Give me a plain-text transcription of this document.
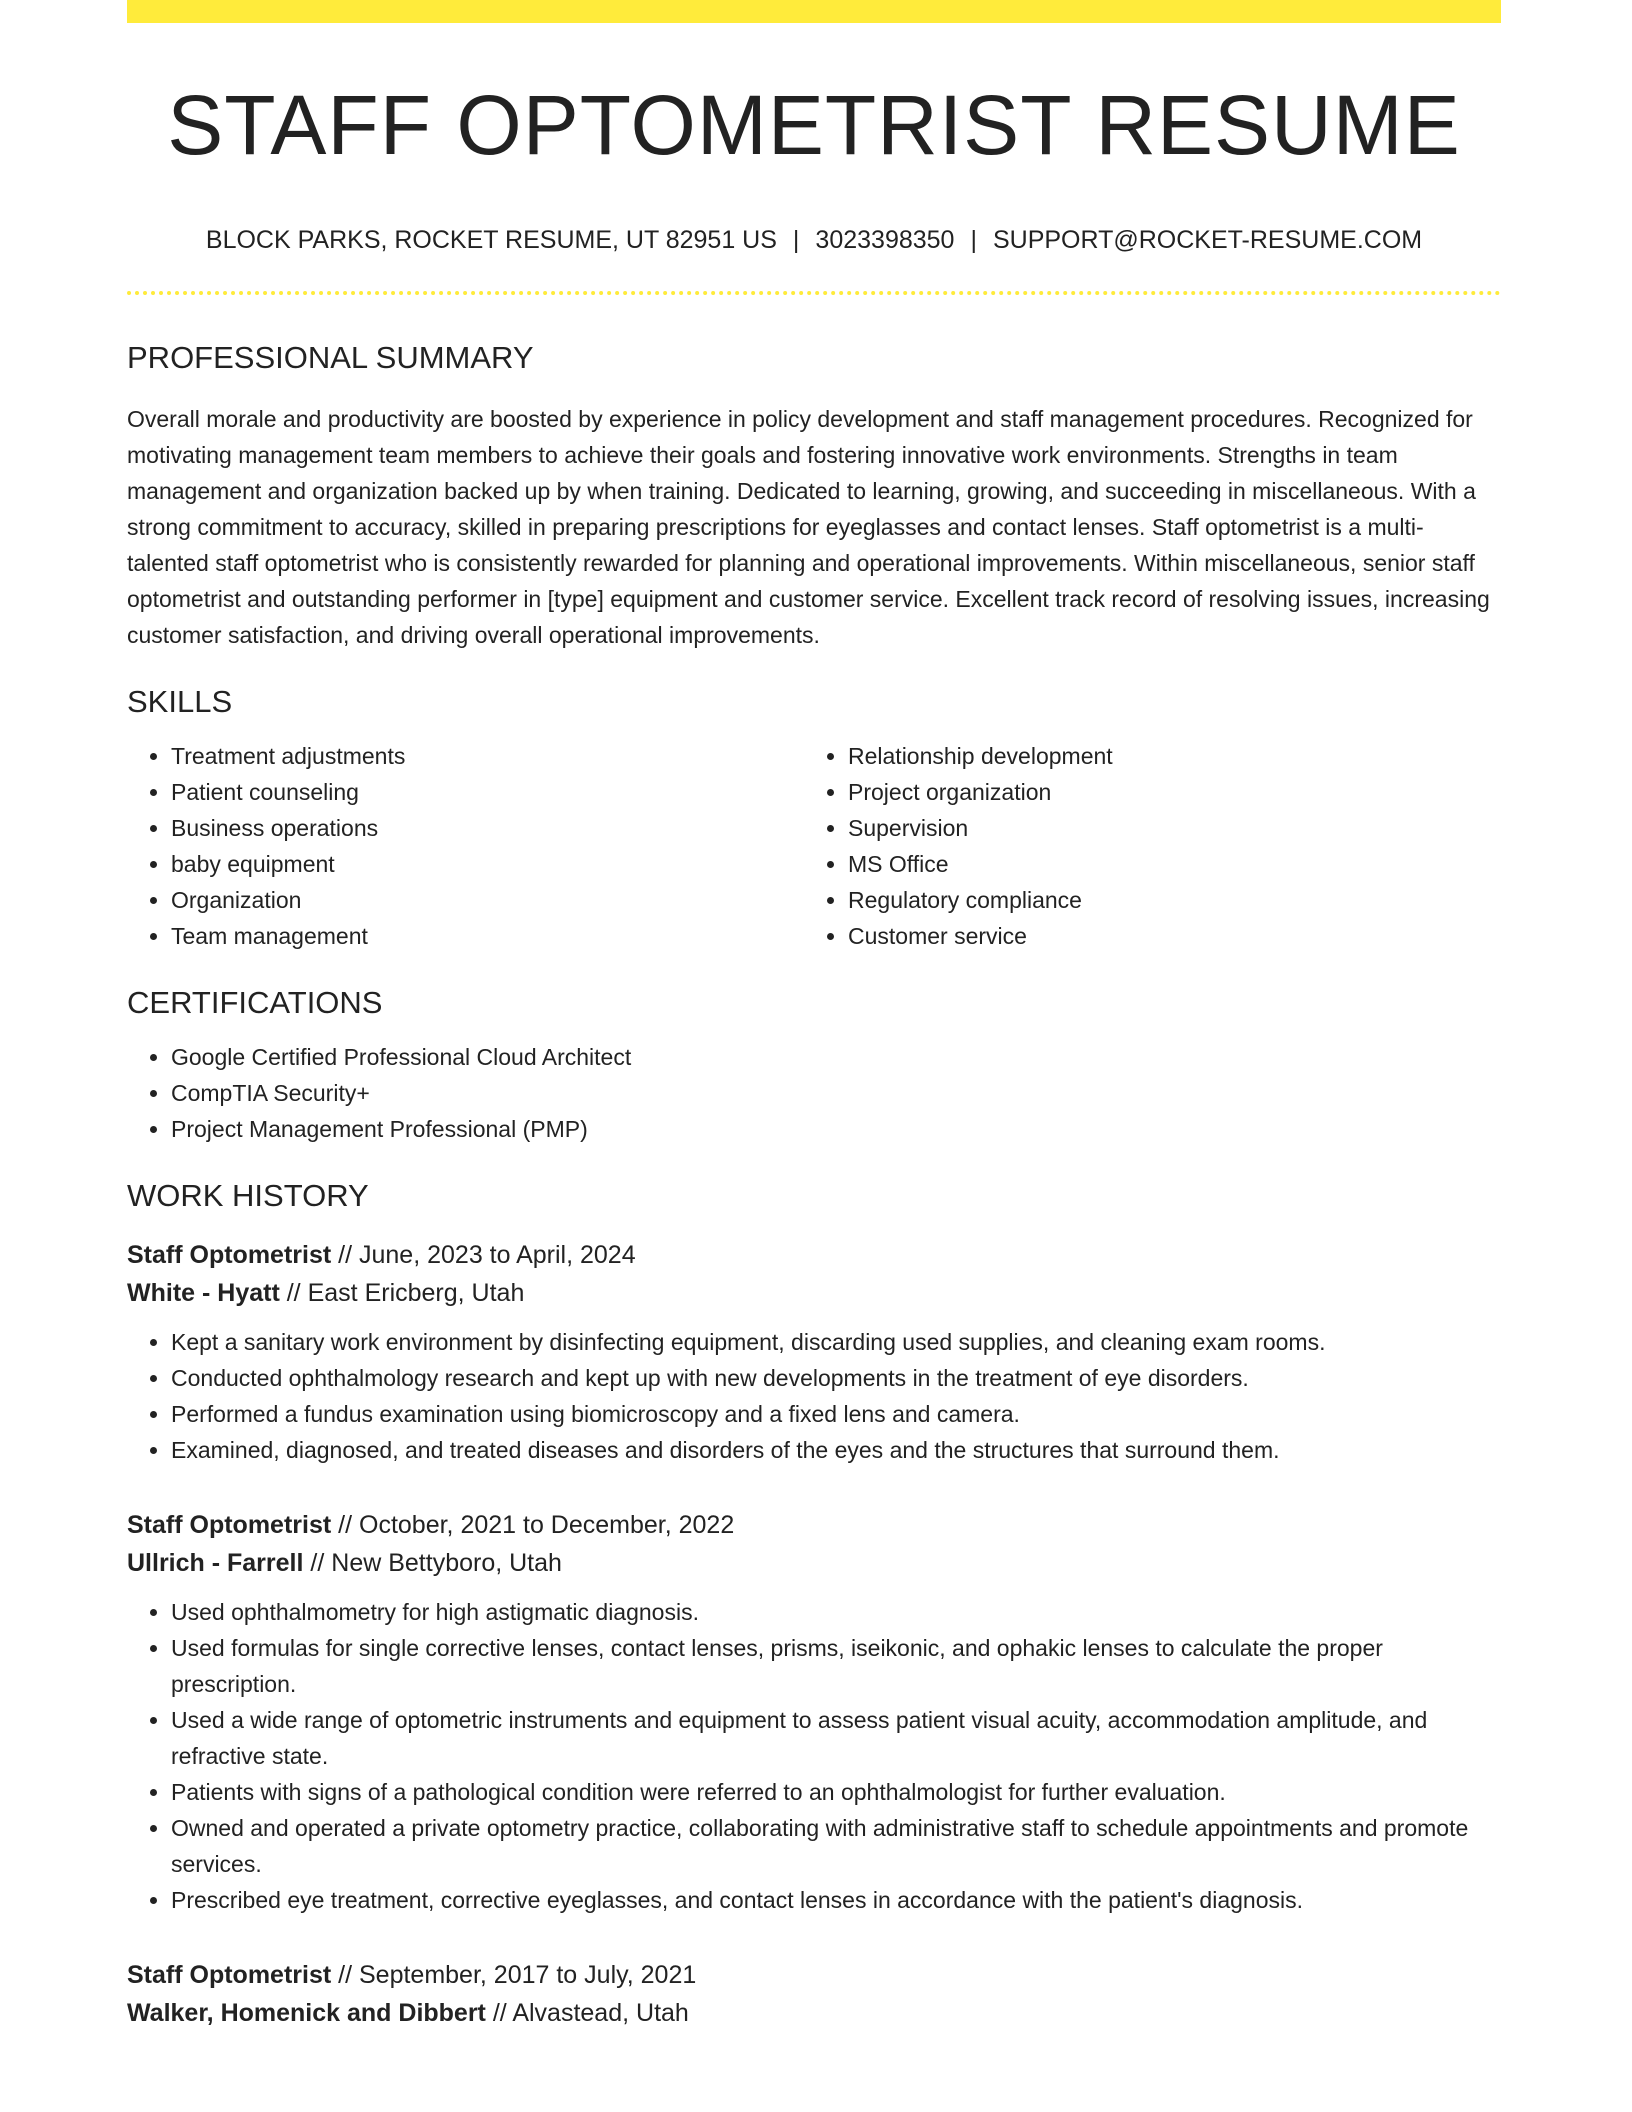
STAFF OPTOMETRIST RESUME
BLOCK PARKS, ROCKET RESUME, UT 82951 US | 3023398350 | SUPPORT@ROCKET-RESUME.COM
PROFESSIONAL SUMMARY

Overall morale and productivity are boosted by experience in policy development and staff management procedures. Recognized for motivating management team members to achieve their goals and fostering innovative work environments. Strengths in team management and organization backed up by when training. Dedicated to learning, growing, and succeeding in miscellaneous. With a strong commitment to accuracy, skilled in preparing prescriptions for eyeglasses and contact lenses. Staff optometrist is a multi-talented staff optometrist who is consistently rewarded for planning and operational improvements. Within miscellaneous, senior staff optometrist and outstanding performer in [type] equipment and customer service. Excellent track record of resolving issues, increasing customer satisfaction, and driving overall operational improvements.

SKILLS
• Treatment adjustments
• Patient counseling
• Business operations
• baby equipment
• Organization
• Team management
• Relationship development
• Project organization
• Supervision
• MS Office
• Regulatory compliance
• Customer service
CERTIFICATIONS
• Google Certified Professional Cloud Architect
• CompTIA Security+
• Project Management Professional (PMP)
WORK HISTORY
Staff Optometrist // June, 2023 to April, 2024
White - Hyatt // East Ericberg, Utah
• Kept a sanitary work environment by disinfecting equipment, discarding used supplies, and cleaning exam rooms.
• Conducted ophthalmology research and kept up with new developments in the treatment of eye disorders.
• Performed a fundus examination using biomicroscopy and a fixed lens and camera.
• Examined, diagnosed, and treated diseases and disorders of the eyes and the structures that surround them.
Staff Optometrist // October, 2021 to December, 2022
Ullrich - Farrell // New Bettyboro, Utah
• Used ophthalmometry for high astigmatic diagnosis.
• Used formulas for single corrective lenses, contact lenses, prisms, iseikonic, and ophakic lenses to calculate the proper prescription.
• Used a wide range of optometric instruments and equipment to assess patient visual acuity, accommodation amplitude, and refractive state.
• Patients with signs of a pathological condition were referred to an ophthalmologist for further evaluation.
• Owned and operated a private optometry practice, collaborating with administrative staff to schedule appointments and promote services.
• Prescribed eye treatment, corrective eyeglasses, and contact lenses in accordance with the patient's diagnosis.
Staff Optometrist // September, 2017 to July, 2021
Walker, Homenick and Dibbert // Alvastead, Utah
